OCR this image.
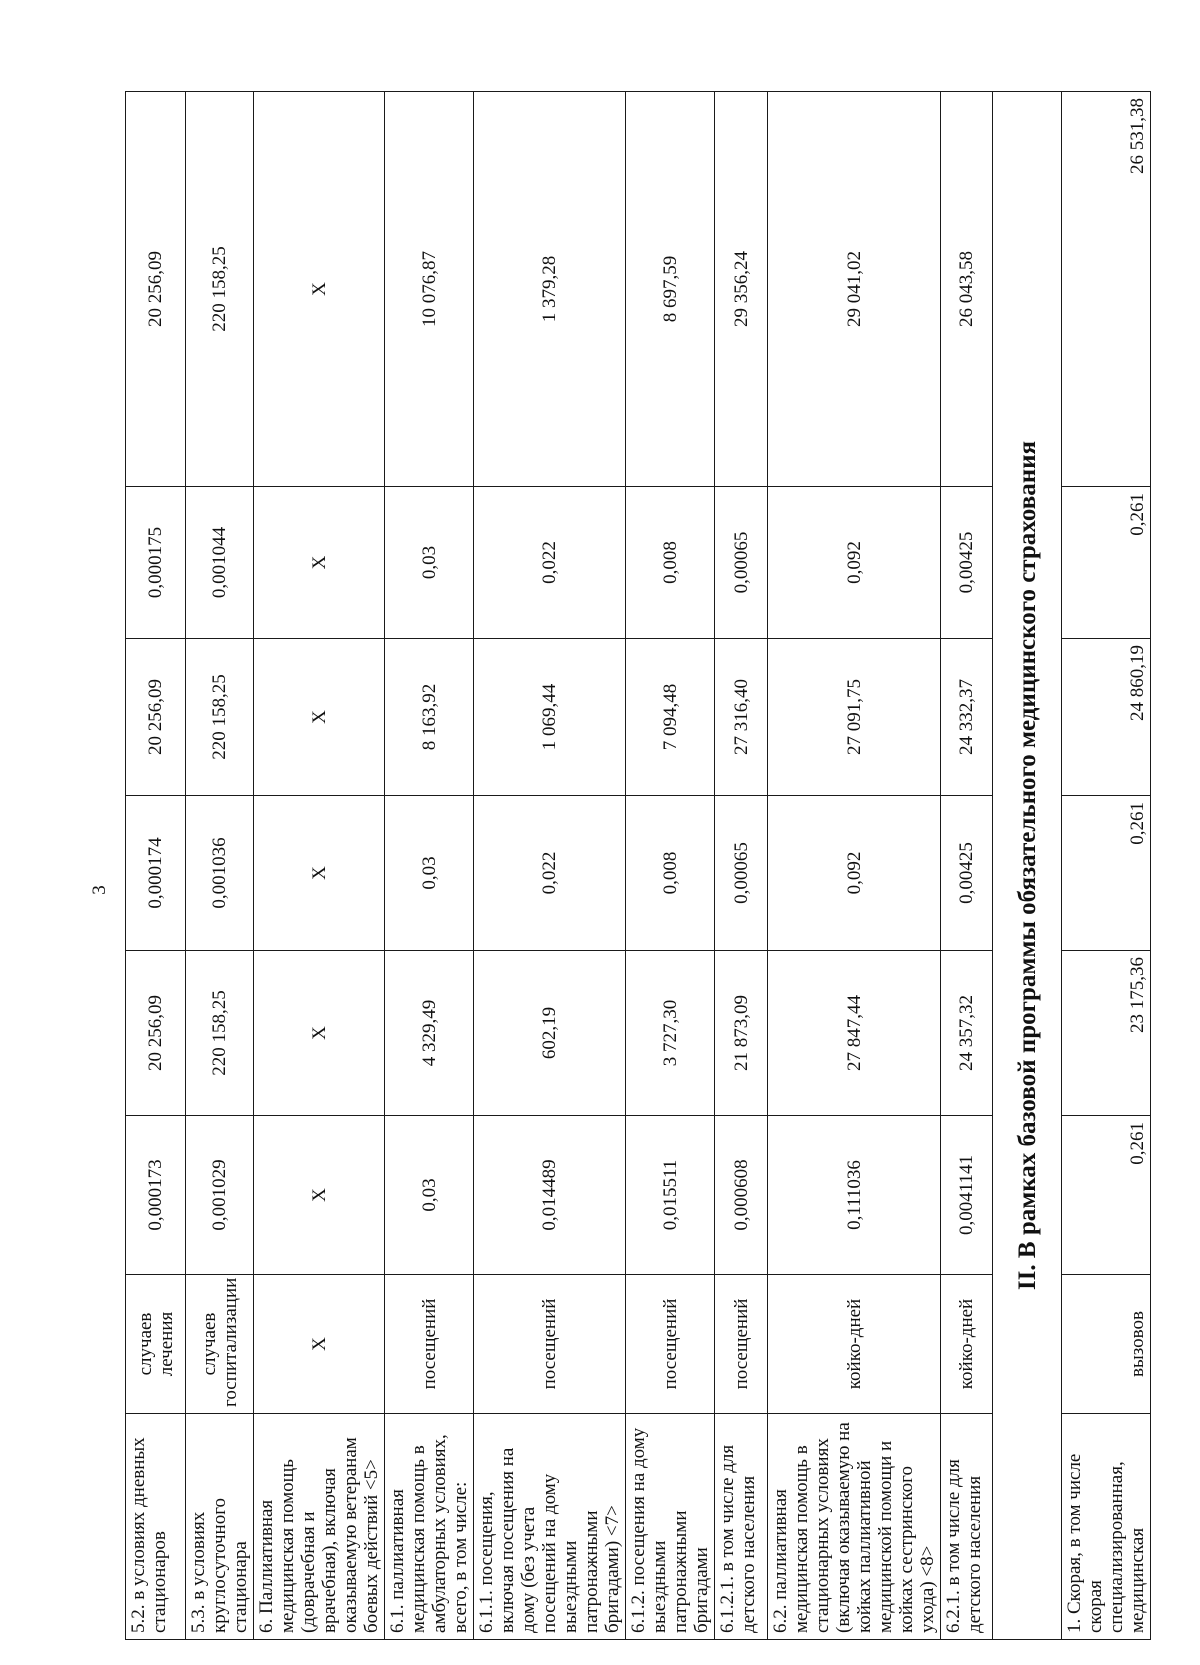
3
5.2. в условиях дневных стационаров	случаев лечения	0,000173	20 256,09	0,000174	20 256,09	0,000175	20 256,09
5.3. в условиях круглосуточного стационара	случаев госпитализации	0,001029	220 158,25	0,001036	220 158,25	0,001044	220 158,25
6. Паллиативная медицинская помощь (доврачебная и врачебная), включая оказываемую ветеранам боевых действий <5>	X	X	X	X	X	X	X
6.1. паллиативная медицинская помощь в амбулаторных условиях, всего, в том числе:	посещений	0,03	4 329,49	0,03	8 163,92	0,03	10 076,87
6.1.1. посещения, включая посещения на дому (без учета посещений на дому выездными патронажными бригадами) <7>	посещений	0,014489	602,19	0,022	1 069,44	0,022	1 379,28
6.1.2. посещения на дому выездными патронажными бригадами	посещений	0,015511	3 727,30	0,008	7 094,48	0,008	8 697,59
6.1.2.1. в том числе для детского населения	посещений	0,000608	21 873,09	0,00065	27 316,40	0,00065	29 356,24
6.2. паллиативная медицинская помощь в стационарных условиях (включая оказываемую на койках паллиативной медицинской помощи и койках сестринского ухода) <8>	койко-дней	0,111036	27 847,44	0,092	27 091,75	0,092	29 041,02
6.2.1. в том числе для детского населения	койко-дней	0,0041141	24 357,32	0,00425	24 332,37	0,00425	26 043,58
II. В рамках базовой программы обязательного медицинского страхования							
1. Скорая, в том числе скорая специализированная, медицинская	вызовов	0,261	23 175,36	0,261	24 860,19	0,261	26 531,38
